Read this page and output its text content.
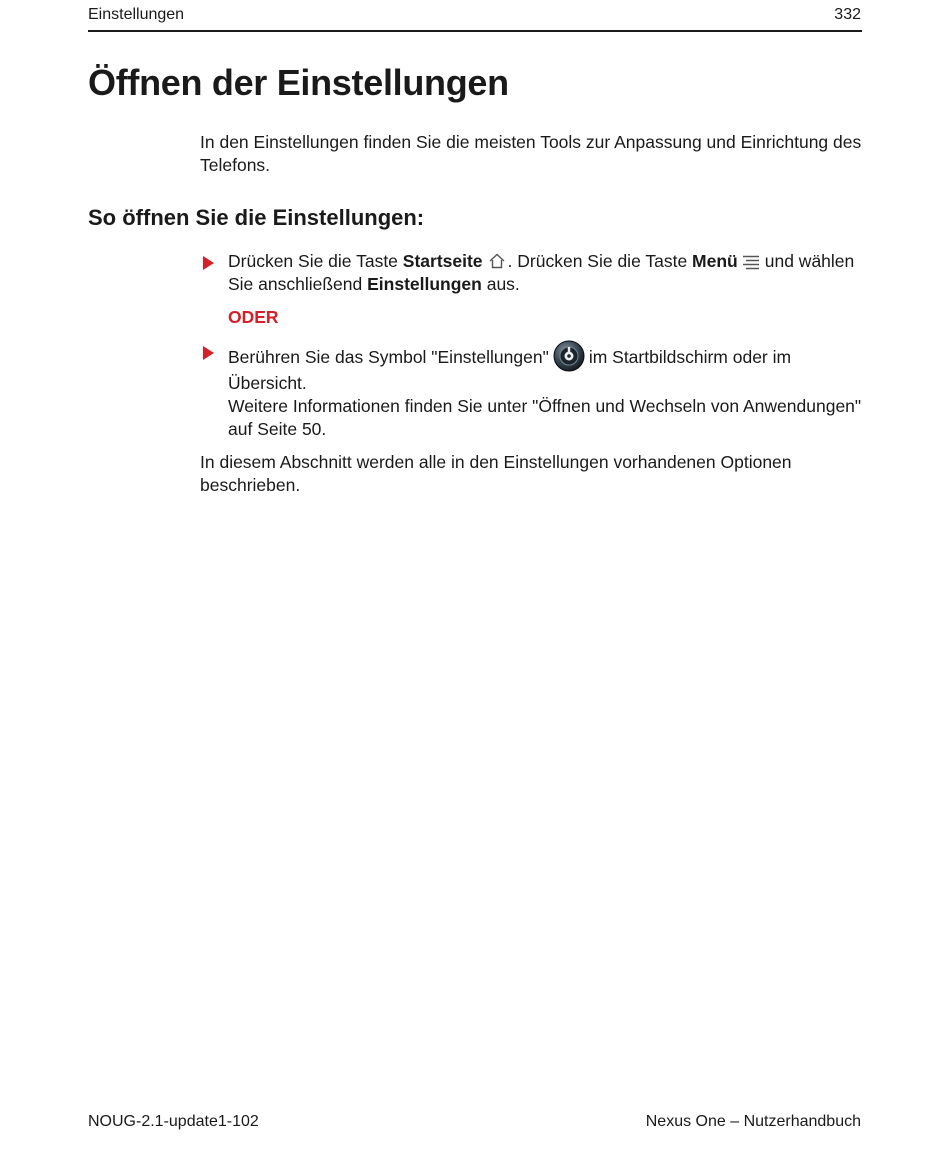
Einstellungen	332
Öffnen der Einstellungen

In den Einstellungen finden Sie die meisten Tools zur Anpassung und Einrichtung des Telefons.

So öffnen Sie die Einstellungen:

Drücken Sie die Taste Startseite . Drücken Sie die Taste Menü und wählen Sie anschließend Einstellungen aus.

ODER

Berühren Sie das Symbol "Einstellungen" im Startbildschirm oder im Übersicht.

Weitere Informationen finden Sie unter "Öffnen und Wechseln von Anwendungen" auf Seite 50.

In diesem Abschnitt werden alle in den Einstellungen vorhandenen Optionen beschrieben.

NOUG-2.1-update1-102	Nexus One – Nutzerhandbuch
